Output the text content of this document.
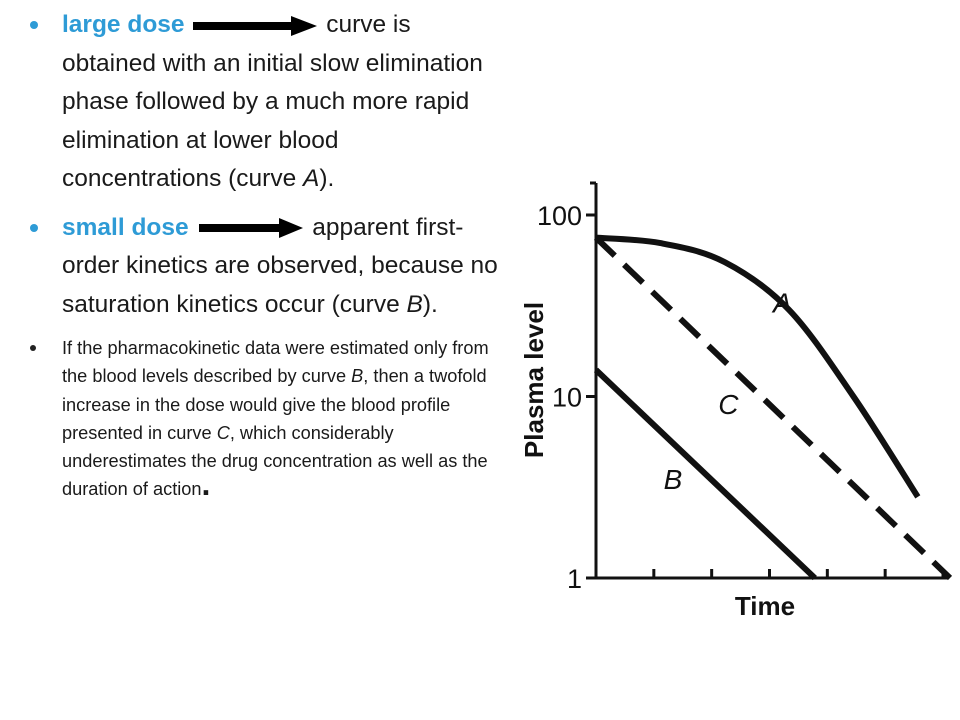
large dose	curve is obtained with an initial slow elimination phase followed by a much more rapid elimination at lower blood concentrations (curve A).
small dose	apparent first-order kinetics are observed, because no saturation kinetics occur (curve B).
If the pharmacokinetic data were estimated only from the blood levels described by curve B, then a twofold increase in the dose would give the blood profile presented in curve C, which considerably underestimates the drug concentration as well as the duration of action.
100
10
1
A
B
C
Time
Plasma level
